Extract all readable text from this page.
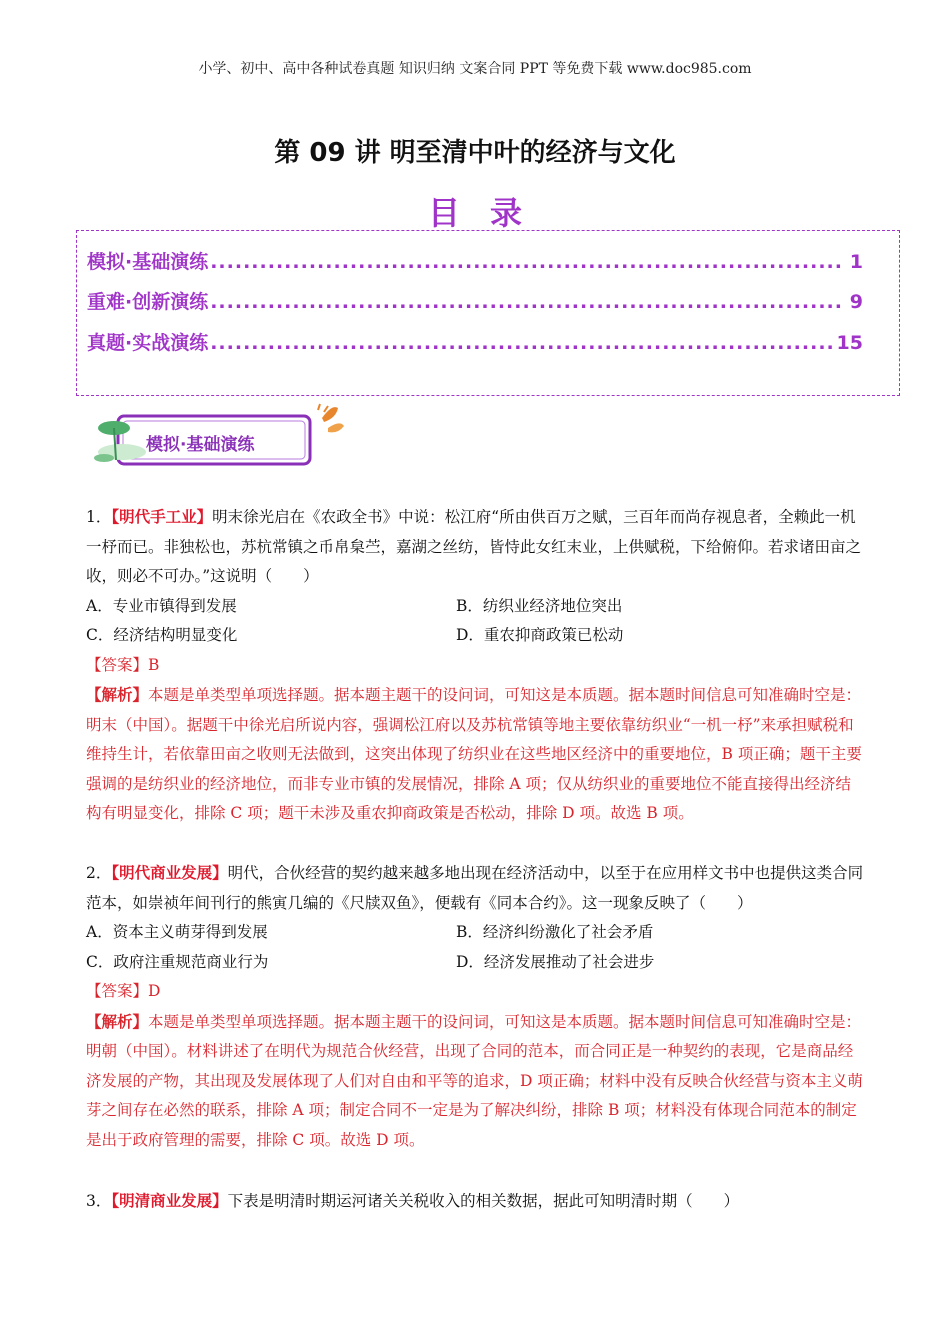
小学、初中、高中各种试卷真题 知识归纳 文案合同 PPT 等免费下载 www.doc985.com
第 09 讲 明至清中叶的经济与文化
目录
模拟·基础演练 .....	1
重难·创新演练 .....	9
真题·实战演练 .....	15
模拟·基础演练

1．【明代手工业】明末徐光启在《农政全书》中说：松江府“所由供百万之赋，三百年而尚存视息者，全赖此一机一杼而已。非独松也，苏杭常镇之币帛枲苎，嘉湖之丝纺，皆恃此女红末业，上供赋税，下给俯仰。若求诸田亩之收，则必不可办。”这说明（　　）

A．专业市镇得到发展	B．纺织业经济地位突出
C．经济结构明显变化	D．重农抑商政策已松动

【答案】B

【解析】本题是单类型单项选择题。据本题主题干的设问词，可知这是本质题。据本题时间信息可知准确时空是：明末（中国）。据题干中徐光启所说内容，强调松江府以及苏杭常镇等地主要依靠纺织业“一机一杼”来承担赋税和维持生计，若依靠田亩之收则无法做到，这突出体现了纺织业在这些地区经济中的重要地位，B 项正确；题干主要强调的是纺织业的经济地位，而非专业市镇的发展情况，排除 A 项；仅从纺织业的重要地位不能直接得出经济结构有明显变化，排除 C 项；题干未涉及重农抑商政策是否松动，排除 D 项。故选 B 项。

2．【明代商业发展】明代，合伙经营的契约越来越多地出现在经济活动中，以至于在应用样文书中也提供这类合同范本，如崇祯年间刊行的熊寅几编的《尺牍双鱼》，便载有《同本合约》。这一现象反映了（　　）

A．资本主义萌芽得到发展	B．经济纠纷激化了社会矛盾
C．政府注重规范商业行为	D．经济发展推动了社会进步

【答案】D

【解析】本题是单类型单项选择题。据本题主题干的设问词，可知这是本质题。据本题时间信息可知准确时空是：明朝（中国）。材料讲述了在明代为规范合伙经营，出现了合同的范本，而合同正是一种契约的表现，它是商品经济发展的产物，其出现及发展体现了人们对自由和平等的追求，D 项正确；材料中没有反映合伙经营与资本主义萌芽之间存在必然的联系，排除 A 项；制定合同不一定是为了解决纠纷，排除 B 项；材料没有体现合同范本的制定是出于政府管理的需要，排除 C 项。故选 D 项。

3．【明清商业发展】下表是明清时期运河诸关关税收入的相关数据，据此可知明清时期（　　）
